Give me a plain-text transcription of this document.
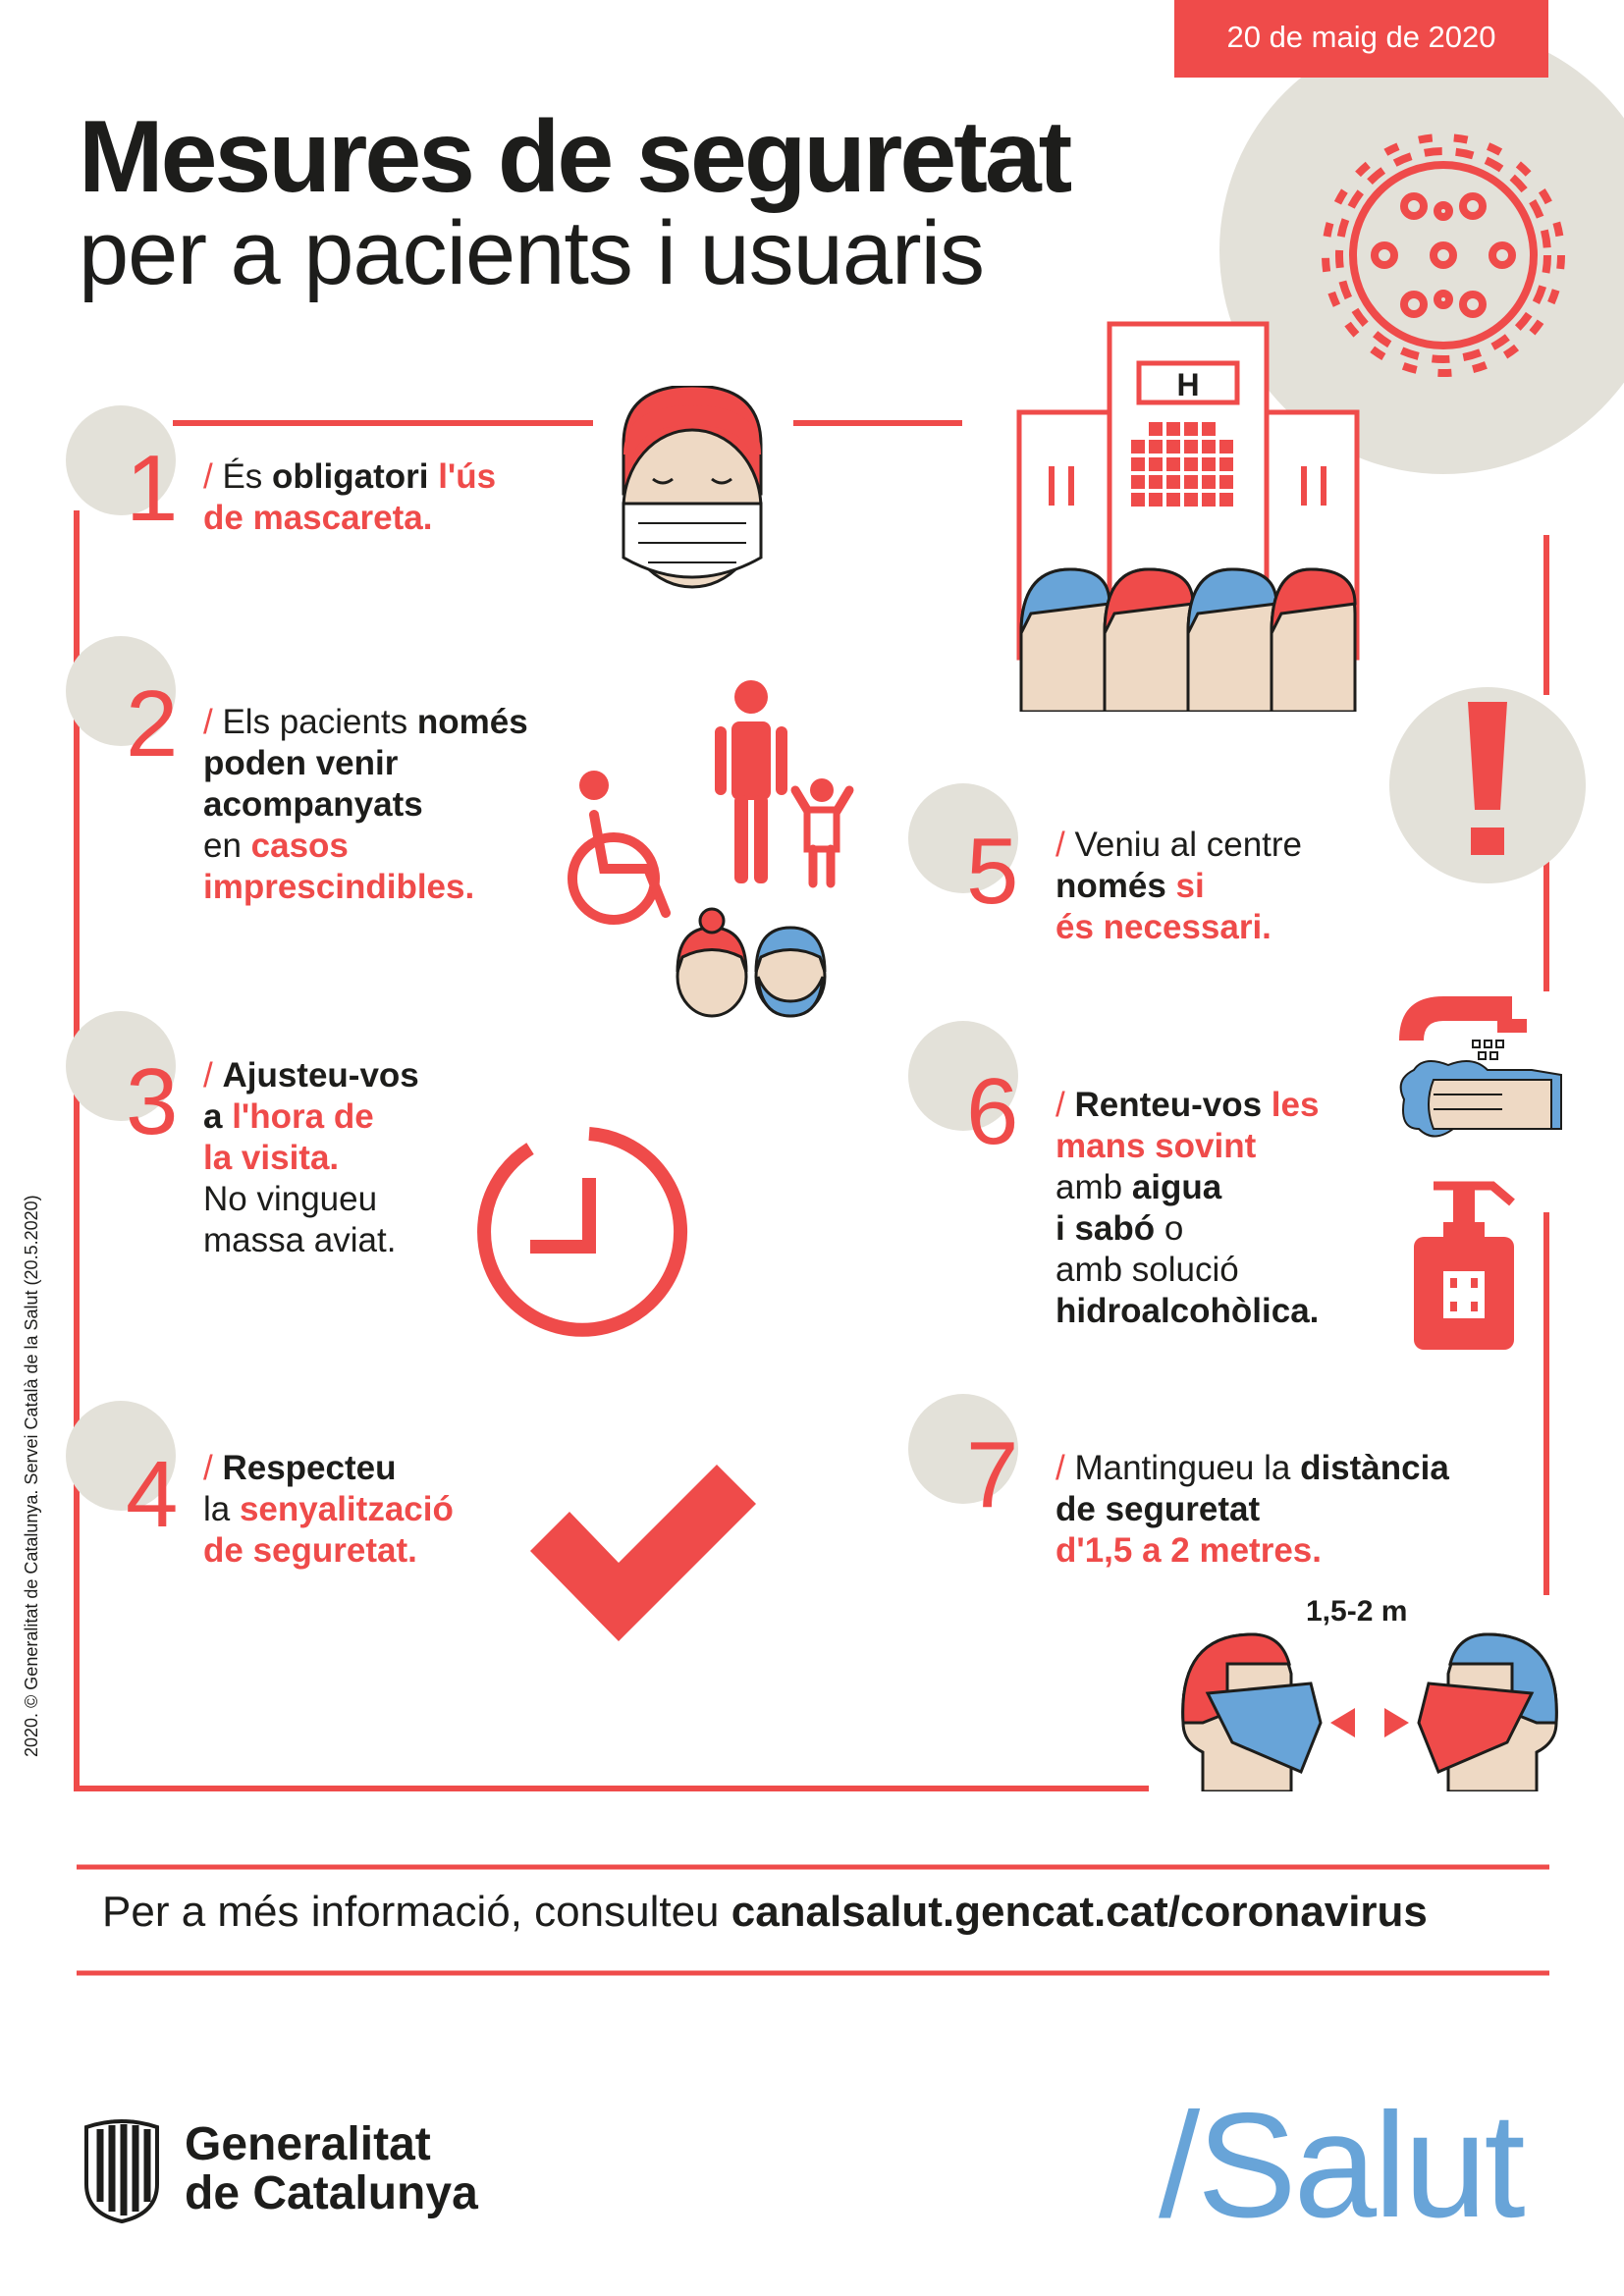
20 de maig de 2020
Mesures de seguretat
per a pacients i usuaris
1 / És obligatori l'ús
de mascareta.
H
2 / Els pacients només
poden venir
acompanyats
en casos
imprescindibles.	5 / Veniu al centre
només si
és necessari.
3 / Ajusteu-vos
a l'hora de
la visita.
No vingueu
massa aviat.
6 / Renteu-vos les
mans sovint
amb aigua
i sabó o
amb solució
hidroalcohòlica.
4 / Respecteu
la senyalització
de seguretat.
7 / Mantingueu la distància
de seguretat
d'1,5 a 2 metres.
1,5-2 m
Per a més informació, consulteu canalsalut.gencat.cat/coronavirus
Generalitat
de Catalunya	/Salut
2020. © Generalitat de Catalunya. Servei Català de la Salut (20.5.2020)
